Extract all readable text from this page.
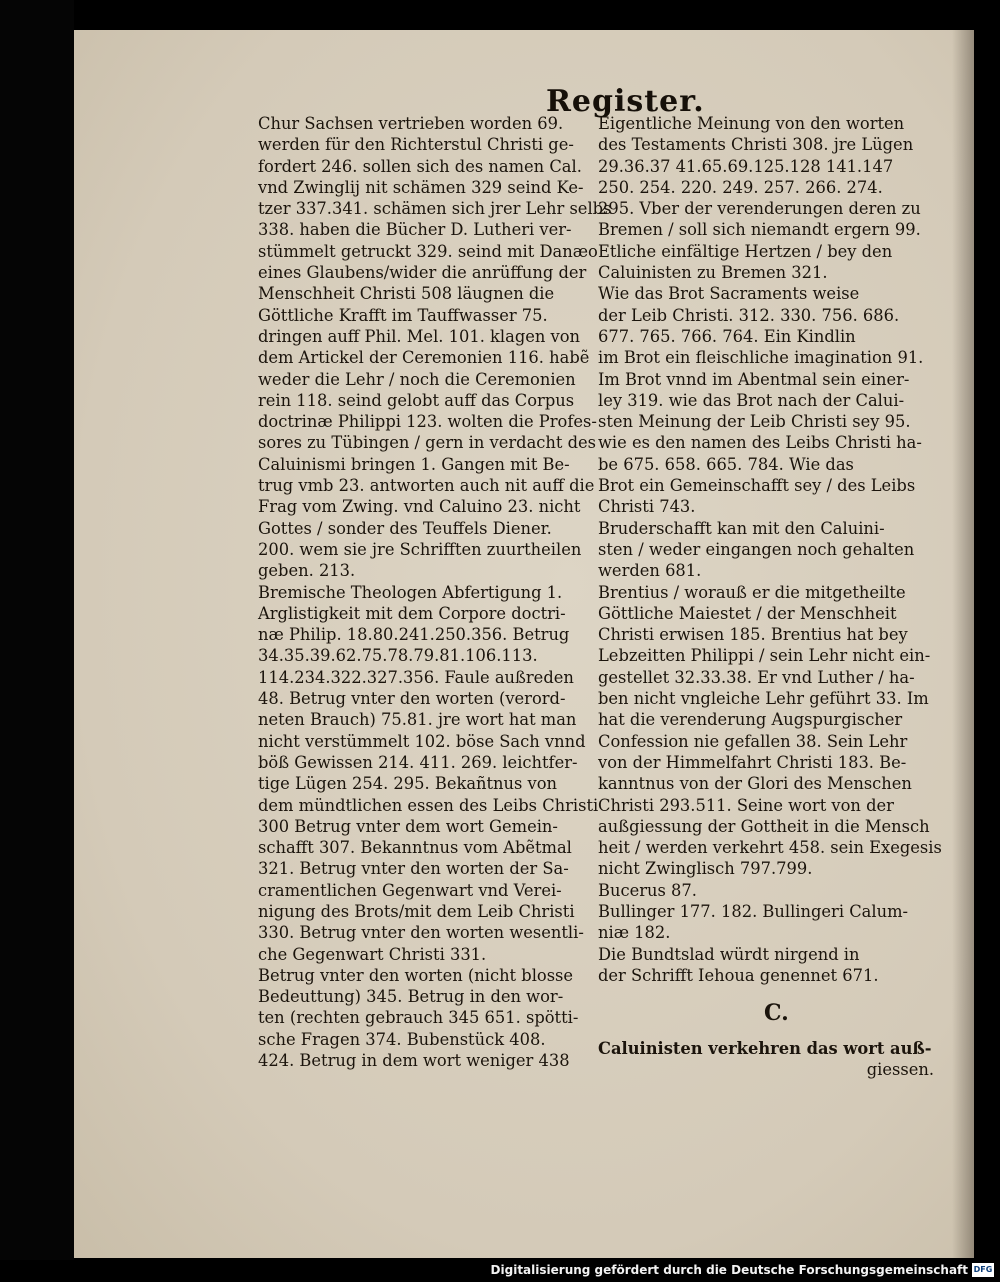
Register.
Chur Sachsen vertrieben worden 69.
werden für den Richterstul Christi ge-
fordert 246. sollen sich des namen Cal.
vnd Zwinglij nit schämen 329 seind Ke-
tzer 337.341. schämen sich jrer Lehr selbs
338. haben die Bücher D. Lutheri ver-
stümmelt getruckt 329. seind mit Danæo
eines Glaubens/wider die anrüffung der
Menschheit Christi 508 läugnen die
Göttliche Krafft im Tauffwasser 75.
dringen auff Phil. Mel. 101. klagen von
dem Artickel der Ceremonien 116. habẽ
weder die Lehr / noch die Ceremonien
rein 118. seind gelobt auff das Corpus
doctrinæ Philippi 123. wolten die Profes-
sores zu Tübingen / gern in verdacht des
Caluinismi bringen 1. Gangen mit Be-
trug vmb 23. antworten auch nit auff die
Frag vom Zwing. vnd Caluino 23. nicht
Gottes / sonder des Teuffels Diener.
200. wem sie jre Schrifften zuurtheilen
geben. 213.
Bremische Theologen Abfertigung 1.
Arglistigkeit mit dem Corpore doctri-
næ Philip. 18.80.241.250.356. Betrug
34.35.39.62.75.78.79.81.106.113.
114.234.322.327.356. Faule außreden
48. Betrug vnter den worten (verord-
neten Brauch) 75.81. jre wort hat man
nicht verstümmelt 102. böse Sach vnnd
böß Gewissen 214. 411. 269. leichtfer-
tige Lügen 254. 295. Bekañtnus von
dem mündtlichen essen des Leibs Christi
300 Betrug vnter dem wort Gemein-
schafft 307. Bekanntnus vom Abẽtmal
321. Betrug vnter den worten der Sa-
cramentlichen Gegenwart vnd Verei-
nigung des Brots/mit dem Leib Christi
330. Betrug vnter den worten wesentli-
che Gegenwart Christi 331.
Betrug vnter den worten (nicht blosse
Bedeuttung) 345. Betrug in den wor-
ten (rechten gebrauch 345 651. spötti-
sche Fragen 374. Bubenstück 408.
424. Betrug in dem wort weniger 438
Eigentliche Meinung von den worten
des Testaments Christi 308. jre Lügen
29.36.37 41.65.69.125.128 141.147
250. 254. 220. 249. 257. 266. 274.
295. Vber der verenderungen deren zu
Bremen / soll sich niemandt ergern 99.
Etliche einfältige Hertzen / bey den
Caluinisten zu Bremen 321.
Wie das Brot Sacraments weise
der Leib Christi. 312. 330. 756. 686.
677. 765. 766. 764. Ein Kindlin
im Brot ein fleischliche imagination 91.
Im Brot vnnd im Abentmal sein einer-
ley 319. wie das Brot nach der Calui-
sten Meinung der Leib Christi sey 95.
wie es den namen des Leibs Christi ha-
be 675. 658. 665. 784. Wie das
Brot ein Gemeinschafft sey / des Leibs
Christi 743.
Bruderschafft kan mit den Caluini-
sten / weder eingangen noch gehalten
werden 681.
Brentius / worauß er die mitgetheilte
Göttliche Maiestet / der Menschheit
Christi erwisen 185. Brentius hat bey
Lebzeitten Philippi / sein Lehr nicht ein-
gestellet 32.33.38. Er vnd Luther / ha-
ben nicht vngleiche Lehr geführt 33. Im
hat die verenderung Augspurgischer
Confession nie gefallen 38. Sein Lehr
von der Himmelfahrt Christi 183. Be-
kanntnus von der Glori des Menschen
Christi 293.511. Seine wort von der
außgiessung der Gottheit in die Mensch
heit / werden verkehrt 458. sein Exegesis
nicht Zwinglisch 797.799.
Bucerus 87.
Bullinger 177. 182. Bullingeri Calum-
niæ 182.
Die Bundtslad würdt nirgend in
der Schrifft Iehoua genennet 671.
Caluinisten verkehren das wort auß-
giessen.
C.
Digitalisierung gefördert durch die Deutsche Forschungsgemeinschaft DFG
